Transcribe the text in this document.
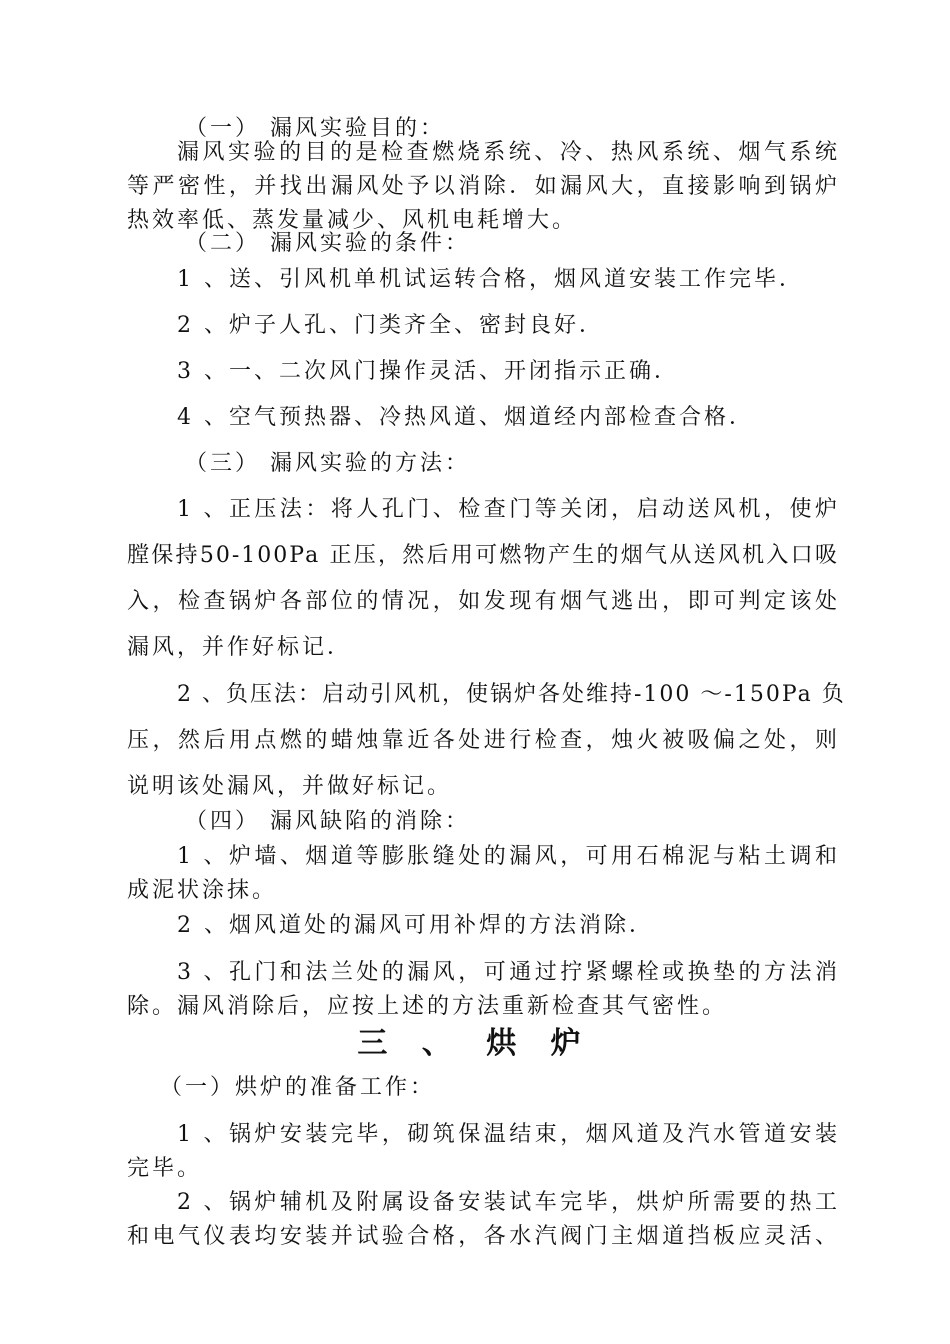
（一） 漏风实验目的：
漏风实验的目的是检查燃烧系统、冷、热风系统、烟气系统
等严密性，并找出漏风处予以消除．如漏风大，直接影响到锅炉
热效率低、蒸发量减少、风机电耗增大。
（二） 漏风实验的条件：
1 、送、引风机单机试运转合格，烟风道安装工作完毕．
2 、炉子人孔、门类齐全、密封良好．
3 、一、二次风门操作灵活、开闭指示正确．
4 、空气预热器、冷热风道、烟道经内部检查合格．
（三） 漏风实验的方法：
1 、正压法：将人孔门、检查门等关闭，启动送风机，使炉
膛保持50-100Pa 正压，然后用可燃物产生的烟气从送风机入口吸
入，检查锅炉各部位的情况，如发现有烟气逃出，即可判定该处
漏风，并作好标记．
2 、负压法：启动引风机，使锅炉各处维持-100 ～-150Pa 负
压，然后用点燃的蜡烛靠近各处进行检查，烛火被吸偏之处，则
说明该处漏风，并做好标记。
（四） 漏风缺陷的消除：
1 、炉墙、烟道等膨胀缝处的漏风，可用石棉泥与粘土调和
成泥状涂抹。
2 、烟风道处的漏风可用补焊的方法消除．
3 、孔门和法兰处的漏风，可通过拧紧螺栓或换垫的方法消
除。漏风消除后，应按上述的方法重新检查其气密性。
三 、 烘 炉
（一）烘炉的准备工作：
1 、锅炉安装完毕，砌筑保温结束，烟风道及汽水管道安装
完毕。
2 、锅炉辅机及附属设备安装试车完毕，烘炉所需要的热工
和电气仪表均安装并试验合格，各水汽阀门主烟道挡板应灵活、
